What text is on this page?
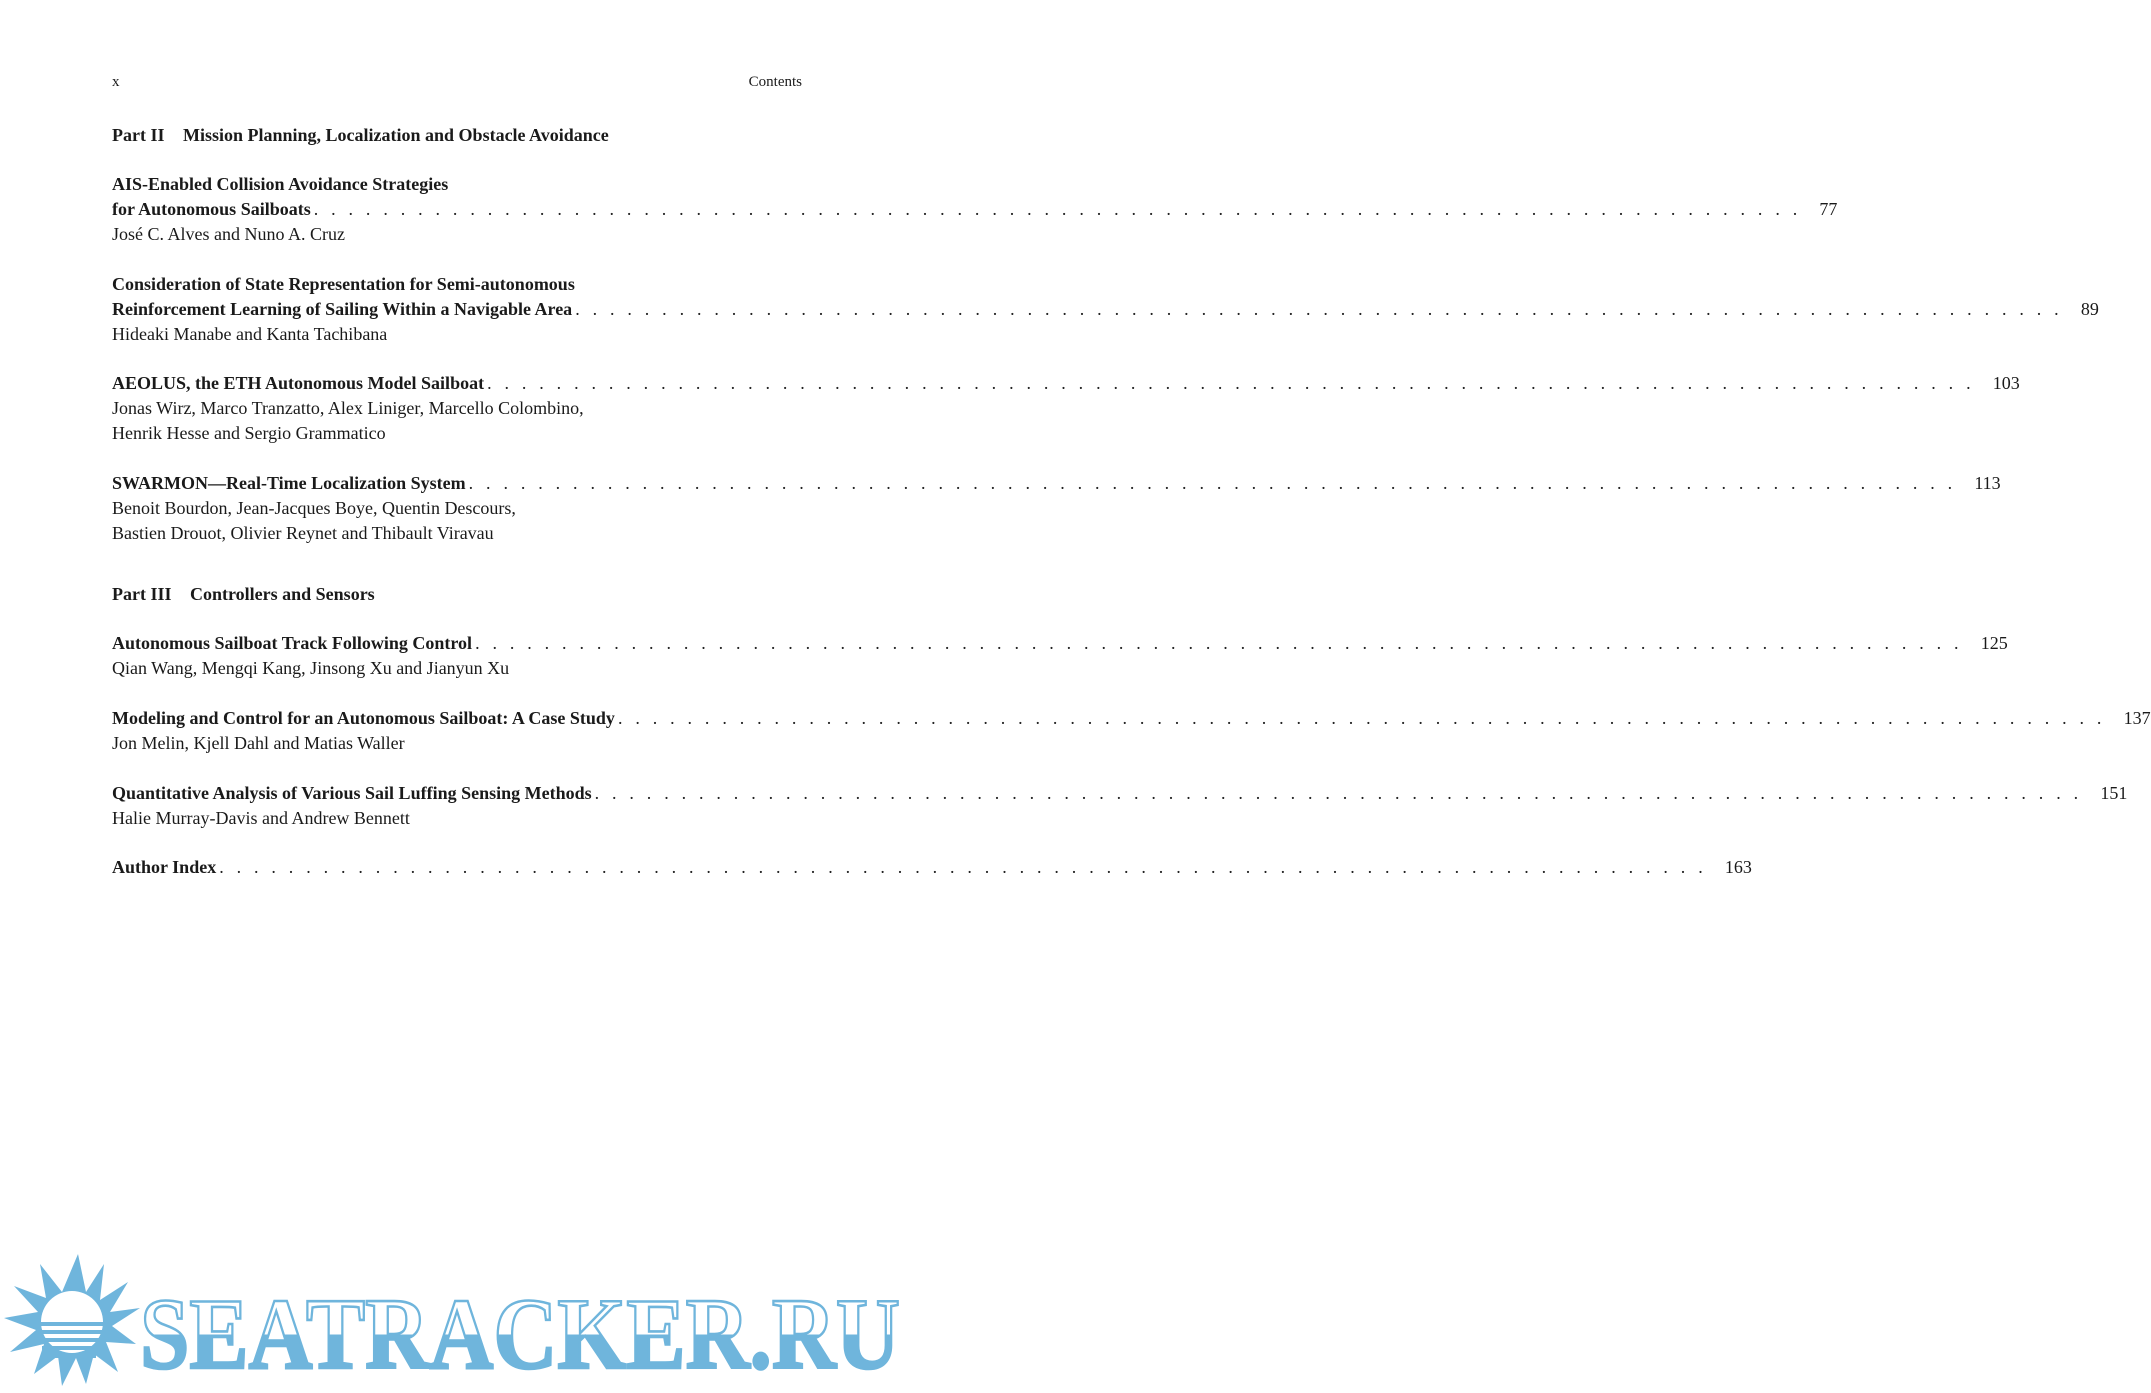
x	Contents
Part II Mission Planning, Localization and Obstacle Avoidance
AIS-Enabled Collision Avoidance Strategies
for Autonomous Sailboats . . .	77
José C. Alves and Nuno A. Cruz
Consideration of State Representation for Semi-autonomous
Reinforcement Learning of Sailing Within a Navigable Area . . .	89
Hideaki Manabe and Kanta Tachibana
AEOLUS, the ETH Autonomous Model Sailboat . . .	103
Jonas Wirz, Marco Tranzatto, Alex Liniger, Marcello Colombino,
Henrik Hesse and Sergio Grammatico
SWARMON—Real-Time Localization System . . .	113
Benoit Bourdon, Jean-Jacques Boye, Quentin Descours,
Bastien Drouot, Olivier Reynet and Thibault Viravau
Part III Controllers and Sensors
Autonomous Sailboat Track Following Control . . .	125
Qian Wang, Mengqi Kang, Jinsong Xu and Jianyun Xu
Modeling and Control for an Autonomous Sailboat: A Case Study . . .	137
Jon Melin, Kjell Dahl and Matias Waller
Quantitative Analysis of Various Sail Luffing Sensing Methods . . .	151
Halie Murray-Davis and Andrew Bennett
Author Index . . .	163
SEATRACKER.RU
